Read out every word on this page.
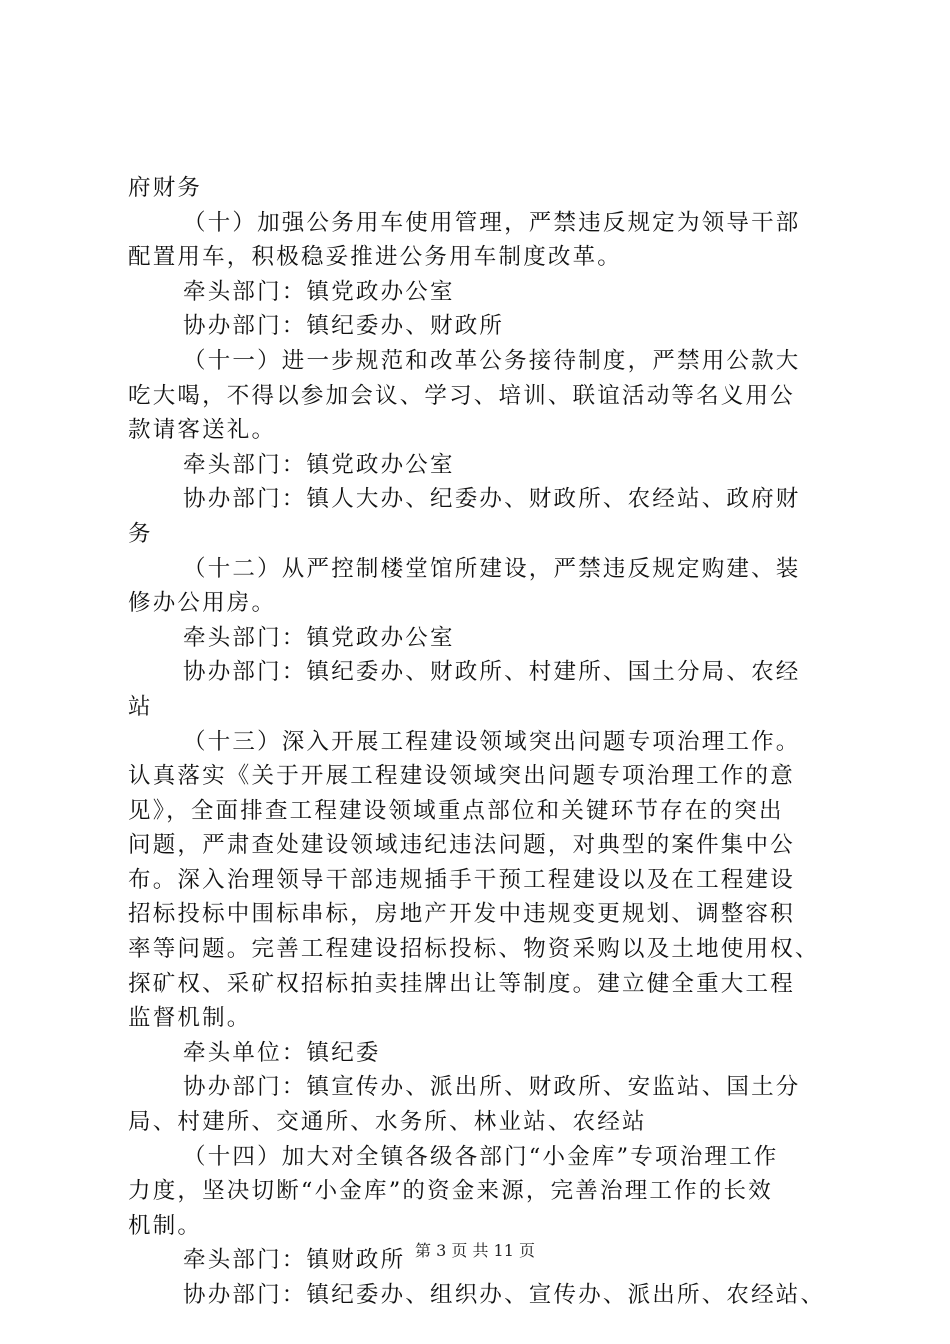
府财务
（十）加强公务用车使用管理，严禁违反规定为领导干部
配置用车，积极稳妥推进公务用车制度改革。
牵头部门：镇党政办公室
协办部门：镇纪委办、财政所
（十一）进一步规范和改革公务接待制度，严禁用公款大
吃大喝，不得以参加会议、学习、培训、联谊活动等名义用公
款请客送礼。
牵头部门：镇党政办公室
协办部门：镇人大办、纪委办、财政所、农经站、政府财
务
（十二）从严控制楼堂馆所建设，严禁违反规定购建、装
修办公用房。
牵头部门：镇党政办公室
协办部门：镇纪委办、财政所、村建所、国土分局、农经
站
（十三）深入开展工程建设领域突出问题专项治理工作。
认真落实《关于开展工程建设领域突出问题专项治理工作的意
见》，全面排查工程建设领域重点部位和关键环节存在的突出
问题，严肃查处建设领域违纪违法问题，对典型的案件集中公
布。深入治理领导干部违规插手干预工程建设以及在工程建设
招标投标中围标串标，房地产开发中违规变更规划、调整容积
率等问题。完善工程建设招标投标、物资采购以及土地使用权、
探矿权、采矿权招标拍卖挂牌出让等制度。建立健全重大工程
监督机制。
牵头单位：镇纪委
协办部门：镇宣传办、派出所、财政所、安监站、国土分
局、村建所、交通所、水务所、林业站、农经站
（十四）加大对全镇各级各部门“小金库”专项治理工作
力度，坚决切断“小金库”的资金来源，完善治理工作的长效
机制。
牵头部门：镇财政所
协办部门：镇纪委办、组织办、宣传办、派出所、农经站、
第 3 页 共 11 页
